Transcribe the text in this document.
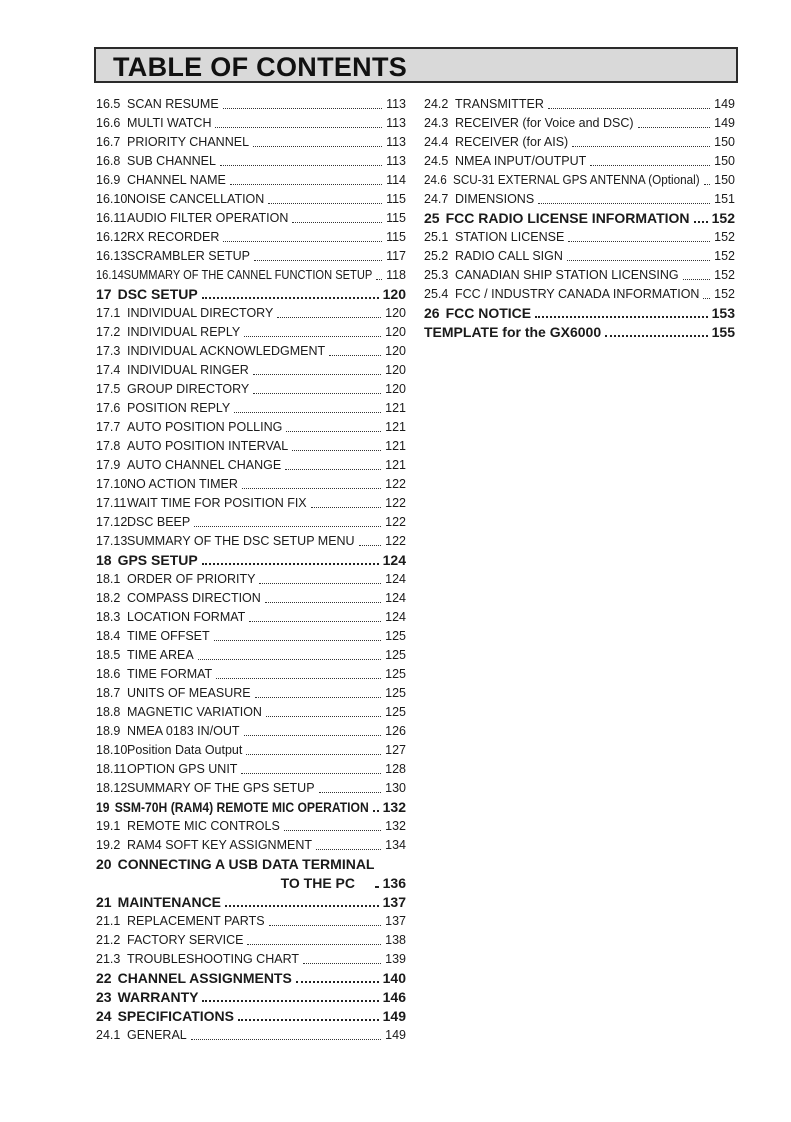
TABLE OF CONTENTS
16.5 SCAN RESUME	113
16.6 MULTI WATCH	113
16.7 PRIORITY CHANNEL	113
16.8 SUB CHANNEL	113
16.9 CHANNEL NAME	114
16.10NOISE CANCELLATION	115
16.11AUDIO FILTER OPERATION	115
16.12RX RECORDER	115
16.13SCRAMBLER SETUP	117
16.14SUMMARY OF THE CANNEL FUNCTION SETUP 118
17 DSC SETUP	120
17.1 INDIVIDUAL DIRECTORY	120
17.2 INDIVIDUAL REPLY	120
17.3 INDIVIDUAL ACKNOWLEDGMENT	120
17.4 INDIVIDUAL RINGER	120
17.5 GROUP DIRECTORY	120
17.6 POSITION REPLY	121
17.7 AUTO POSITION POLLING	121
17.8 AUTO POSITION INTERVAL	121
17.9 AUTO CHANNEL CHANGE	121
17.10NO ACTION TIMER	122
17.11WAIT TIME FOR POSITION FIX	122
17.12DSC BEEP	122
17.13SUMMARY OF THE DSC SETUP MENU 122
18 GPS SETUP	124
18.1 ORDER OF PRIORITY	124
18.2 COMPASS DIRECTION	124
18.3 LOCATION FORMAT	124
18.4 TIME OFFSET	125
18.5 TIME AREA	125
18.6 TIME FORMAT	125
18.7 UNITS OF MEASURE	125
18.8 MAGNETIC VARIATION	125
18.9 NMEA 0183 IN/OUT	126
18.10Position Data Output	127
18.11OPTION GPS UNIT	128
18.12SUMMARY OF THE GPS SETUP	130
19 SSM-70H (RAM4) REMOTE MIC OPERATION 132
19.1 REMOTE MIC CONTROLS	132
19.2 RAM4 SOFT KEY ASSIGNMENT	134
20 CONNECTING A USB DATA TERMINAL
TO THE PC 136
21 MAINTENANCE	137
21.1 REPLACEMENT PARTS	137
21.2 FACTORY SERVICE	138
21.3 TROUBLESHOOTING CHART	139
22 CHANNEL ASSIGNMENTS	140
23 WARRANTY	146
24 SPECIFICATIONS	149
24.1 GENERAL	149
24.2 TRANSMITTER	149
24.3 RECEIVER (for Voice and DSC)	149
24.4 RECEIVER (for AIS)	150
24.5 NMEA INPUT/OUTPUT	150
24.6 SCU-31 EXTERNAL GPS ANTENNA (Optional) 150
24.7 DIMENSIONS	151
25 FCC RADIO LICENSE INFORMATION 152
25.1 STATION LICENSE	152
25.2 RADIO CALL SIGN	152
25.3 CANADIAN SHIP STATION LICENSING	152
25.4 FCC / INDUSTRY CANADA INFORMATION 152
26 FCC NOTICE	153
TEMPLATE for the GX6000	155
